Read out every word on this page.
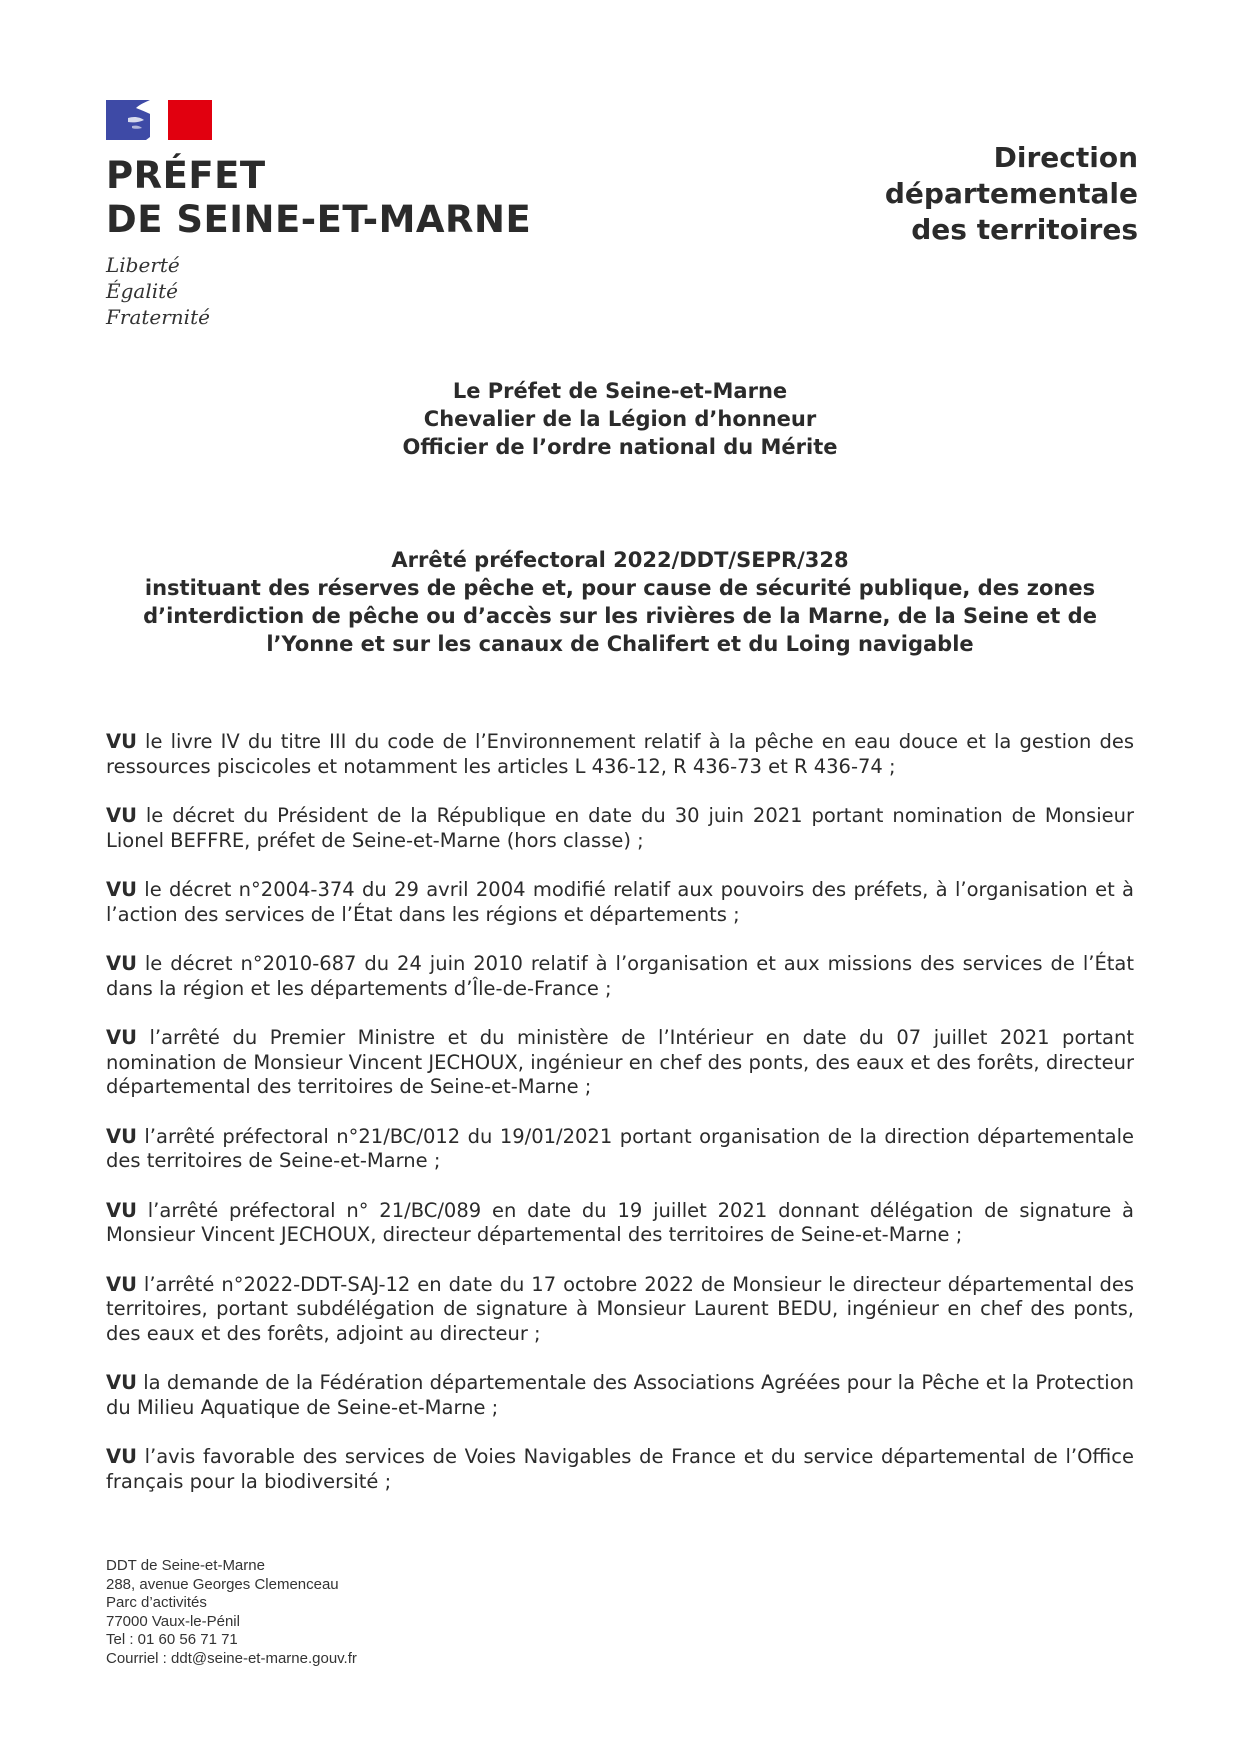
PRÉFET
DE SEINE-ET-MARNE
Liberté
Égalité
Fraternité
Direction
départementale
des territoires
Le Préfet de Seine-et-Marne
Chevalier de la Légion d’honneur
Officier de l’ordre national du Mérite
Arrêté préfectoral 2022/DDT/SEPR/328
instituant des réserves de pêche et, pour cause de sécurité publique, des zones d’interdiction de pêche ou d’accès sur les rivières de la Marne, de la Seine et de l’Yonne et sur les canaux de Chalifert et du Loing navigable

VU le livre IV du titre III du code de l’Environnement relatif à la pêche en eau douce et la gestion des ressources piscicoles et notamment les articles L 436-12, R 436-73 et R 436-74 ;

VU le décret du Président de la République en date du 30 juin 2021 portant nomination de Monsieur Lionel BEFFRE, préfet de Seine-et-Marne (hors classe) ;

VU le décret n°2004-374 du 29 avril 2004 modifié relatif aux pouvoirs des préfets, à l’organisation et à l’action des services de l’État dans les régions et départements ;

VU le décret n°2010-687 du 24 juin 2010 relatif à l’organisation et aux missions des services de l’État dans la région et les départements d’Île-de-France ;

VU l’arrêté du Premier Ministre et du ministère de l’Intérieur en date du 07 juillet 2021 portant nomination de Monsieur Vincent JECHOUX, ingénieur en chef des ponts, des eaux et des forêts, directeur départemental des territoires de Seine-et-Marne ;

VU l’arrêté préfectoral n°21/BC/012 du 19/01/2021 portant organisation de la direction départementale des territoires de Seine-et-Marne ;

VU l’arrêté préfectoral n° 21/BC/089 en date du 19 juillet 2021 donnant délégation de signature à Monsieur Vincent JECHOUX, directeur départemental des territoires de Seine-et-Marne ;

VU l’arrêté n°2022-DDT-SAJ-12 en date du 17 octobre 2022 de Monsieur le directeur départemental des territoires, portant subdélégation de signature à Monsieur Laurent BEDU, ingénieur en chef des ponts, des eaux et des forêts, adjoint au directeur ;

VU la demande de la Fédération départementale des Associations Agréées pour la Pêche et la Protection du Milieu Aquatique de Seine-et-Marne ;

VU l’avis favorable des services de Voies Navigables de France et du service départemental de l’Office français pour la biodiversité ;

DDT de Seine-et-Marne
288, avenue Georges Clemenceau
Parc d’activités
77000 Vaux-le-Pénil
Tel : 01 60 56 71 71
Courriel : ddt@seine-et-marne.gouv.fr
